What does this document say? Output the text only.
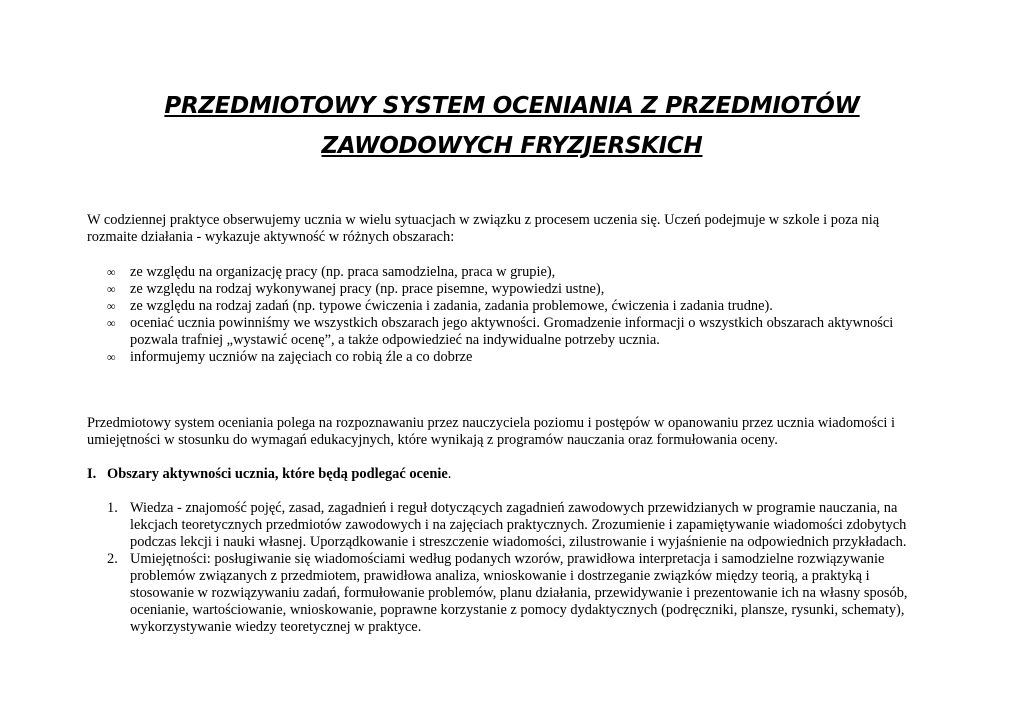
PRZEDMIOTOWY SYSTEM OCENIANIA Z PRZEDMIOTÓW
ZAWODOWYCH FRYZJERSKICH
W codziennej praktyce obserwujemy ucznia w wielu sytuacjach w związku z procesem uczenia się. Uczeń podejmuje w szkole i poza nią rozmaite działania - wykazuje aktywność w różnych obszarach:
∞ ze względu na organizację pracy (np. praca samodzielna, praca w grupie),
∞ ze względu na rodzaj wykonywanej pracy (np. prace pisemne, wypowiedzi ustne),
∞ ze względu na rodzaj zadań (np. typowe ćwiczenia i zadania, zadania problemowe, ćwiczenia i zadania trudne).
∞ oceniać ucznia powinniśmy we wszystkich obszarach jego aktywności. Gromadzenie informacji o wszystkich obszarach aktywności pozwala trafniej „wystawić ocenę”, a także odpowiedzieć na indywidualne potrzeby ucznia.
∞ informujemy uczniów na zajęciach co robią źle a co dobrze
Przedmiotowy system oceniania polega na rozpoznawaniu przez nauczyciela poziomu i postępów w opanowaniu przez ucznia wiadomości i umiejętności w stosunku do wymagań edukacyjnych, które wynikają z programów nauczania oraz formułowania oceny.
I. Obszary aktywności ucznia, które będą podlegać ocenie.
1. Wiedza - znajomość pojęć, zasad, zagadnień i reguł dotyczących zagadnień zawodowych przewidzianych w programie nauczania, na lekcjach teoretycznych przedmiotów zawodowych i na zajęciach praktycznych. Zrozumienie i zapamiętywanie wiadomości zdobytych podczas lekcji i nauki własnej. Uporządkowanie i streszczenie wiadomości, zilustrowanie i wyjaśnienie na odpowiednich przykładach.
2. Umiejętności: posługiwanie się wiadomościami według podanych wzorów, prawidłowa interpretacja i samodzielne rozwiązywanie problemów związanych z przedmiotem, prawidłowa analiza, wnioskowanie i dostrzeganie związków między teorią, a praktyką i stosowanie w rozwiązywaniu zadań, formułowanie problemów, planu działania, przewidywanie i prezentowanie ich na własny sposób, ocenianie, wartościowanie, wnioskowanie, poprawne korzystanie z pomocy dydaktycznych (podręczniki, plansze, rysunki, schematy), wykorzystywanie wiedzy teoretycznej w praktyce.
